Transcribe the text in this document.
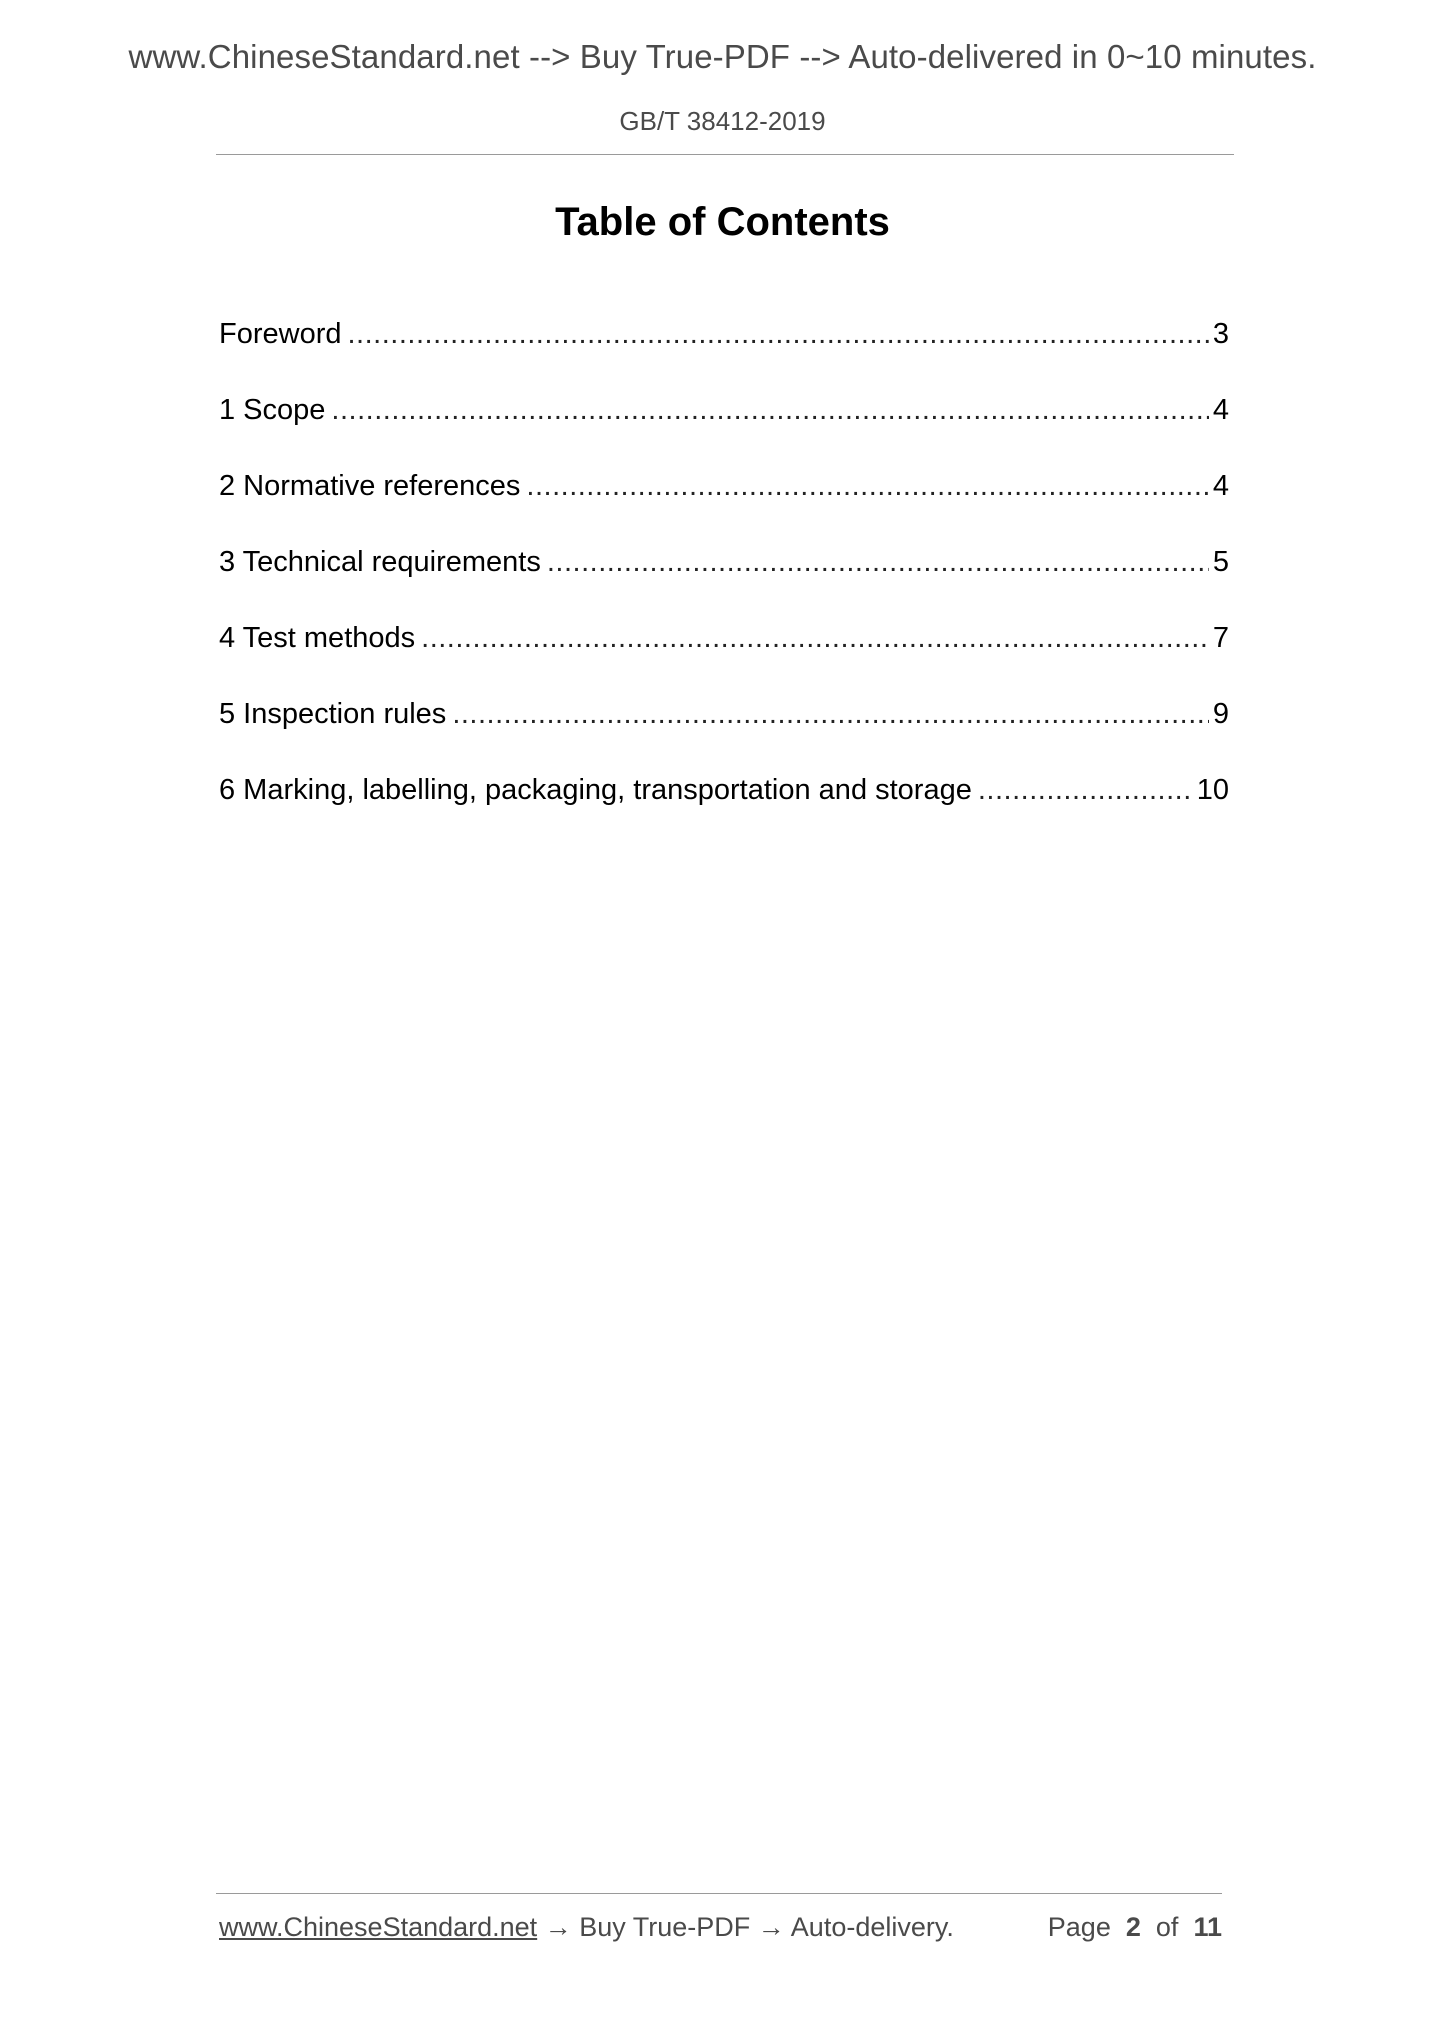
www.ChineseStandard.net --> Buy True-PDF --> Auto-delivered in 0~10 minutes.
GB/T 38412-2019
Table of Contents
Foreword .....	3
1 Scope .....	4
2 Normative references .....	4
3 Technical requirements .....	5
4 Test methods .....	7
5 Inspection rules .....	9
6 Marking, labelling, packaging, transportation and storage .....	10
www.ChineseStandard.net → Buy True-PDF → Auto-delivery.	Page 2 of 11
